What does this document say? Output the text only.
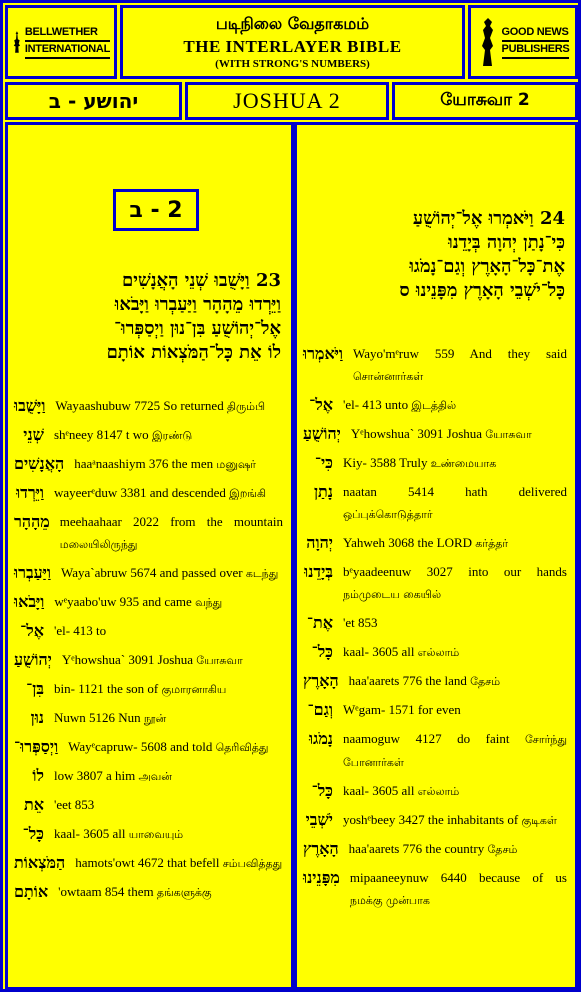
BELLWETHER
INTERNATIONAL
படிநிலை வேதாகமம்
THE INTERLAYER BIBLE
(WITH STRONG'S NUMBERS)
GOOD NEWS
PUBLISHERS
יהושע - ב	JOSHUA 2	யோசுவா 2
2 - ב
23 וַיָּשֻׁבוּ שְׁנֵי הָאֲנָשִׁים
וַיֵּרְדוּ מֵהָהָר וַיַּעַבְרוּ וַיָּבֹאוּ
אֶל־יְהוֹשֻׁעַ בִּן־נוּן וַיְסַפְּרוּ־
לוֹ אֵת כָּל־הַמֹּצְאוֹת אוֹתָם
וַיָּשֻׁבוּ Wayaashubuw 7725 So returned திரும்பி
שְׁנֵי shᵉneey 8147 t wo இரண்டு
הָאֲנָשִׁים haaᵃnaashiym 376 the men மனுஷர்
וַיֵּרְדוּ wayeerᵉduw 3381 and descended இறங்கி
מֵהָהָר meehaahaar 2022 from the mountain மலையிலிருந்து
וַיַּעַבְרוּ Waya`abruw 5674 and passed over கடந்து
וַיָּבֹאוּ wᵉyaabo'uw 935 and came வந்து
אֶל־ 'el- 413 to
יְהוֹשֻׁעַ Yᵉhowshua` 3091 Joshua யோசுவா
בִּן־ bin- 1121 the son of குமாரனாகிய
נוּן Nuwn 5126 Nun நூன்
וַיְסַפְּרוּ־ Wayᵉcapruw- 5608 and told தெரிவித்து
לוֹ low 3807 a him அவன்
אֵת 'eet 853
כָּל־ kaal- 3605 all யாவையும்
הַמֹּצְאוֹת hamots'owt 4672 that befell சம்பவித்தது
אוֹתָם 'owtaam 854 them தங்களுக்கு
24 וַיֹּאמְרוּ אֶל־יְהוֹשֻׁעַ
כִּי־נָתַן יְהוָה בְּיָדֵנוּ
אֶת־כָּל־הָאָרֶץ וְגַם־נָמֹגוּ
כָּל־יֹשְׁבֵי הָאָרֶץ מִפָּנֵינוּ ס
וַיֹּאמְרוּ Wayo'mᵉruw 559 And they said சொன்னார்கள்
אֶל־ 'el- 413 unto இடத்தில்
יְהוֹשֻׁעַ Yᵉhowshua` 3091 Joshua யோசுவா
כִּי־ Kiy- 3588 Truly உண்மையாக
נָתַן naatan 5414 hath delivered ஒப்புக்கொடுத்தார்
יְהוָה Yahweh 3068 the LORD கர்த்தர்
בְּיָדֵנוּ bᵉyaadeenuw 3027 into our hands நம்முடைய கையில்
אֶת־ 'et 853
כָּל־ kaal- 3605 all எல்லாம்
הָאָרֶץ haa'aarets 776 the land தேசம்
וְגַם־ Wᵉgam- 1571 for even
נָמֹגוּ naamoguw 4127 do faint சோர்ந்து போனார்கள்
כָּל־ kaal- 3605 all எல்லாம்
יֹשְׁבֵי yoshᵉbeey 3427 the inhabitants of குடிகள்
הָאָרֶץ haa'aarets 776 the country தேசம்
מִפָּנֵינוּ mipaaneeynuw 6440 because of us நமக்கு முன்பாக
